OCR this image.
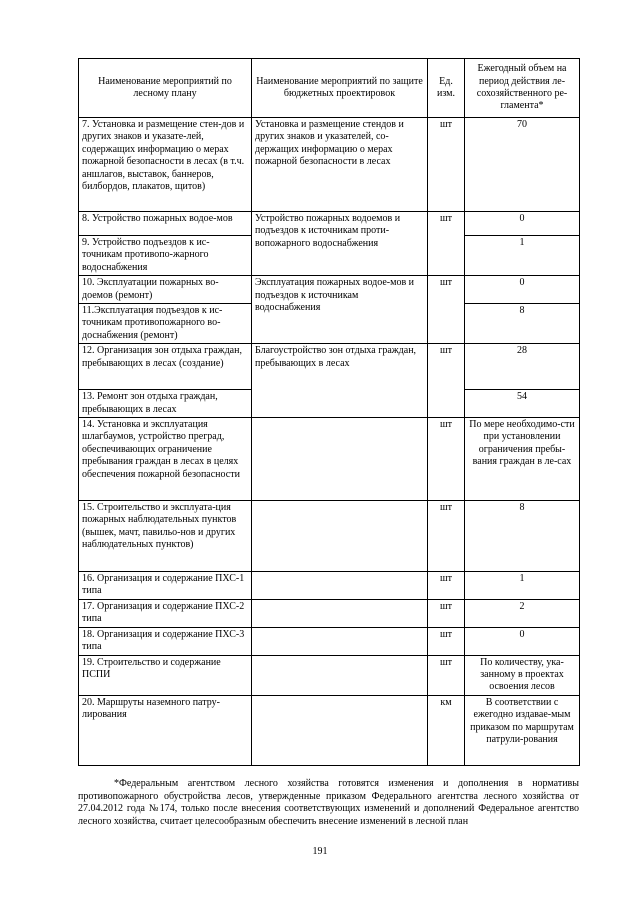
Наименование мероприятий по лесному плану	Наименование мероприятий по защите бюджетных проектировок	Ед. изм.	Ежегодный объем на период действия ле-сохозяйственного ре-гламента*
7. Установка и размещение стен-дов и других знаков и указате-лей, содержащих информацию о мерах пожарной безопасности в лесах (в т.ч. аншлагов, выставок, баннеров, билбордов, плакатов, щитов)	Установка и размещение стендов и других знаков и указателей, со-держащих информацию о мерах пожарной безопасности в лесах	шт	70
8. Устройство пожарных водое-мов	Устройство пожарных водоемов и подъездов к источникам проти-вопожарного водоснабжения	шт	0
9. Устройство подъездов к ис-точникам противопо-жарного водоснабжения			1
10. Эксплуатации пожарных во-доемов (ремонт)	Эксплуатация пожарных водое-мов и подъездов к источникам водоснабжения	шт	0
11.Эксплуатация подъездов к ис-точникам противопожарного во-доснабжения (ремонт)			8
12. Организация зон отдыха граждан, пребывающих в лесах (создание)	Благоустройство зон отдыха граждан, пребывающих в лесах	шт	28
13. Ремонт зон отдыха граждан, пребывающих в лесах			54
14. Установка и эксплуатация шлагбаумов, устройство преград, обеспечивающих ограничение пребывания граждан в лесах в целях обеспечения пожарной безопасности		шт	По мере необходимо-сти при установлении ограничения пребы-вания граждан в ле-сах
15. Строительство и эксплуата-ция пожарных наблюдательных пунктов (вышек, мачт, павильо-нов и других наблюдательных пунктов)		шт	8
16. Организация и содержание ПХС-1 типа		шт	1
17. Организация и содержание ПХС-2 типа		шт	2
18. Организация и содержание ПХС-3 типа		шт	0
19. Строительство и содержание ПСПИ		шт	По количеству, ука-занному в проектах освоения лесов
20. Маршруты наземного патру-лирования		км	В соответствии с ежегодно издавае-мым приказом по маршрутам патрули-рования

*Федеральным агентством лесного хозяйства готовятся изменения и дополнения в нормативы противопожарного обустройства лесов, утвержденные приказом Федерального агентства лесного хозяйства от 27.04.2012 года №174, только после внесения соответствующих изменений и дополнений Федеральное агентство лесного хозяйства, считает целесообразным обеспечить внесение изменений в лесной план

191
